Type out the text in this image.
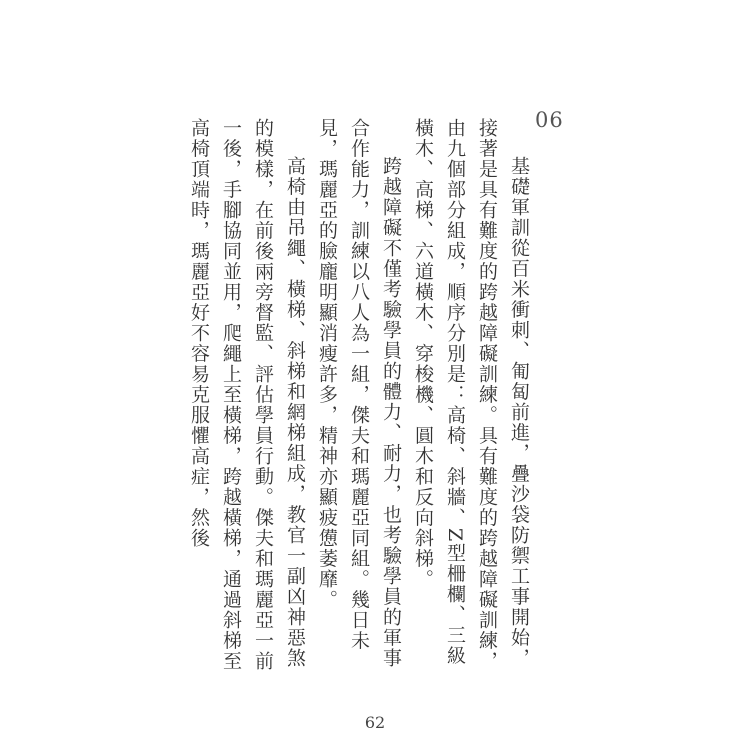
06

基礎軍訓從百米衝刺、匍匐前進，疊沙袋防禦工事開始，接著是具有難度的跨越障礙訓練。具有難度的跨越障礙訓練，由九個部分組成，順序分別是：高椅、斜牆、Z型柵欄、三級橫木、高梯、六道橫木、穿梭機、圓木和反向斜梯。

跨越障礙不僅考驗學員的體力、耐力，也考驗學員的軍事合作能力，訓練以八人為一組，傑夫和瑪麗亞同組。幾日未見，瑪麗亞的臉龐明顯消瘦許多，精神亦顯疲憊萎靡。

高椅由吊繩、橫梯、斜梯和網梯組成，教官一副凶神惡煞的模樣，在前後兩旁督監、評估學員行動。傑夫和瑪麗亞一前一後，手腳協同並用，爬繩上至橫梯，跨越橫梯，通過斜梯至高椅頂端時，瑪麗亞好不容易克服懼高症，然後

62
